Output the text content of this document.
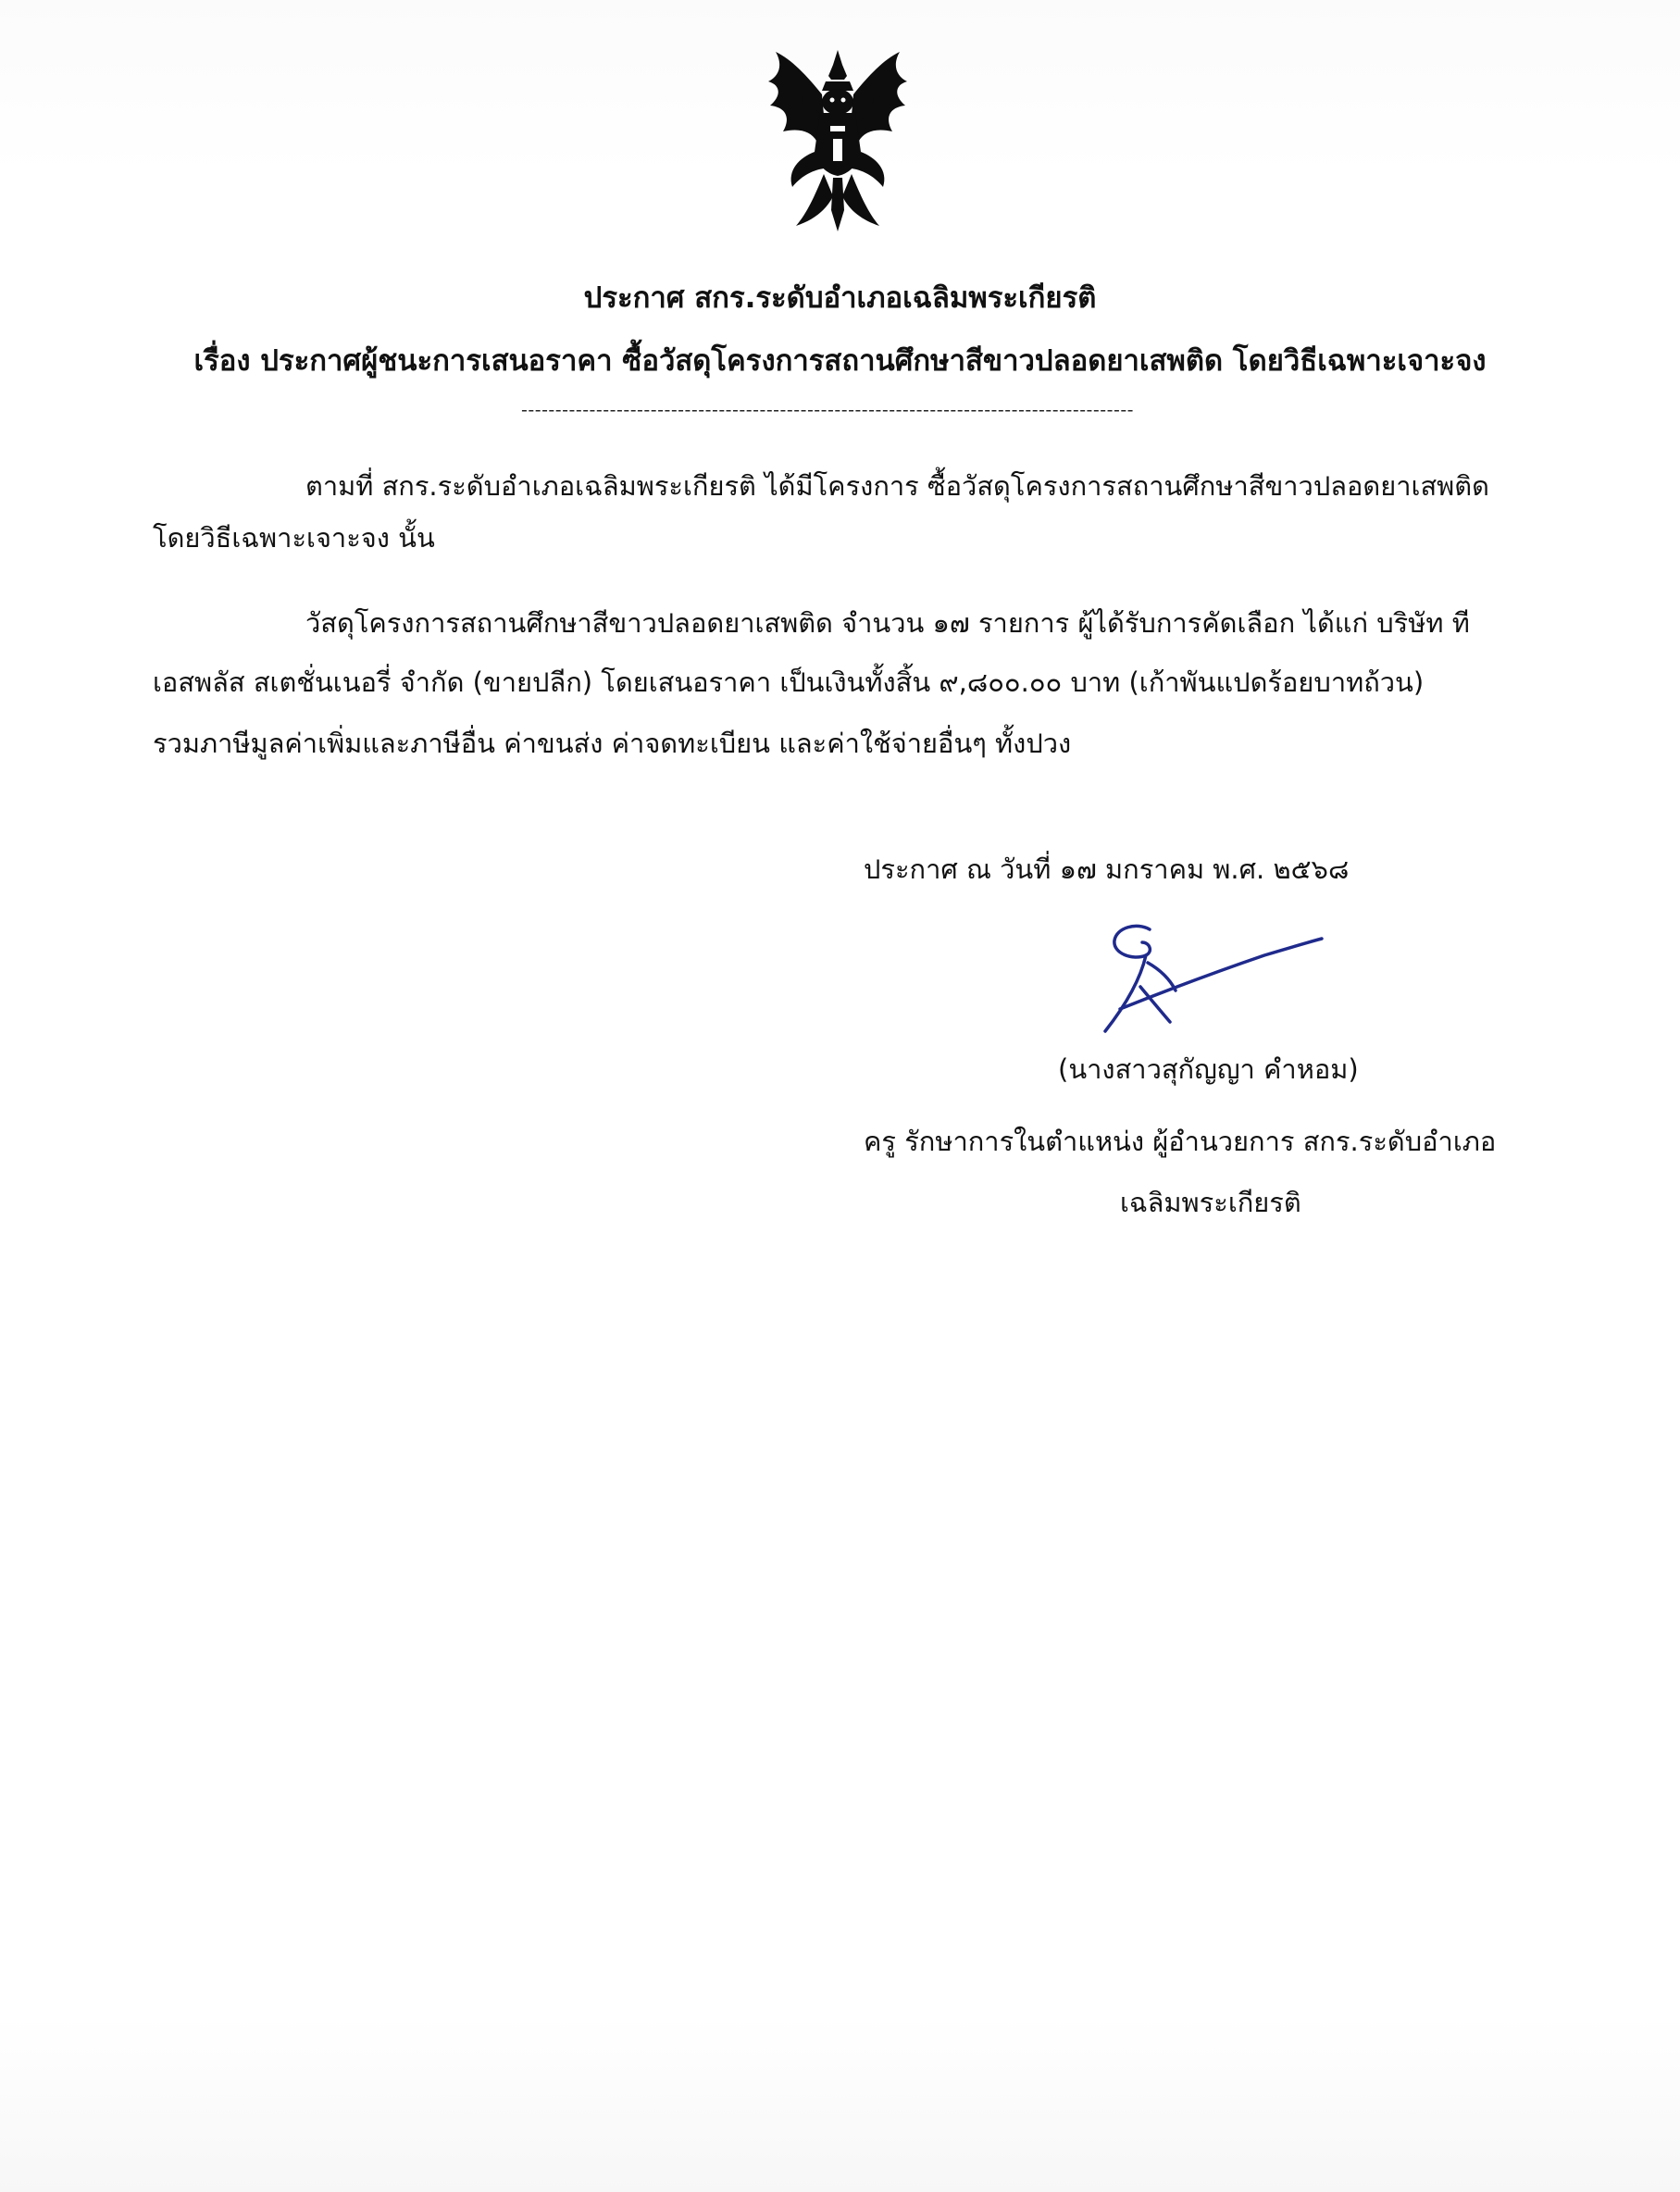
ประกาศ สกร.ระดับอำเภอเฉลิมพระเกียรติ
เรื่อง ประกาศผู้ชนะการเสนอราคา ซื้อวัสดุโครงการสถานศึกษาสีขาวปลอดยาเสพติด โดยวิธีเฉพาะเจาะจง
------------------------------------------------------------------------------------------
ตามที่ สกร.ระดับอำเภอเฉลิมพระเกียรติ ได้มีโครงการ ซื้อวัสดุโครงการสถานศึกษาสีขาวปลอดยาเสพติด
โดยวิธีเฉพาะเจาะจง นั้น
วัสดุโครงการสถานศึกษาสีขาวปลอดยาเสพติด จำนวน ๑๗ รายการ ผู้ได้รับการคัดเลือก ได้แก่ บริษัท ที
เอสพลัส สเตชั่นเนอรี่ จำกัด (ขายปลีก) โดยเสนอราคา เป็นเงินทั้งสิ้น ๙,๘๐๐.๐๐ บาท (เก้าพันแปดร้อยบาทถ้วน)
รวมภาษีมูลค่าเพิ่มและภาษีอื่น ค่าขนส่ง ค่าจดทะเบียน และค่าใช้จ่ายอื่นๆ ทั้งปวง
ประกาศ ณ วันที่ ๑๗ มกราคม พ.ศ. ๒๕๖๘
(นางสาวสุกัญญา คำหอม)
ครู รักษาการในตำแหน่ง ผู้อำนวยการ สกร.ระดับอำเภอ
เฉลิมพระเกียรติ
